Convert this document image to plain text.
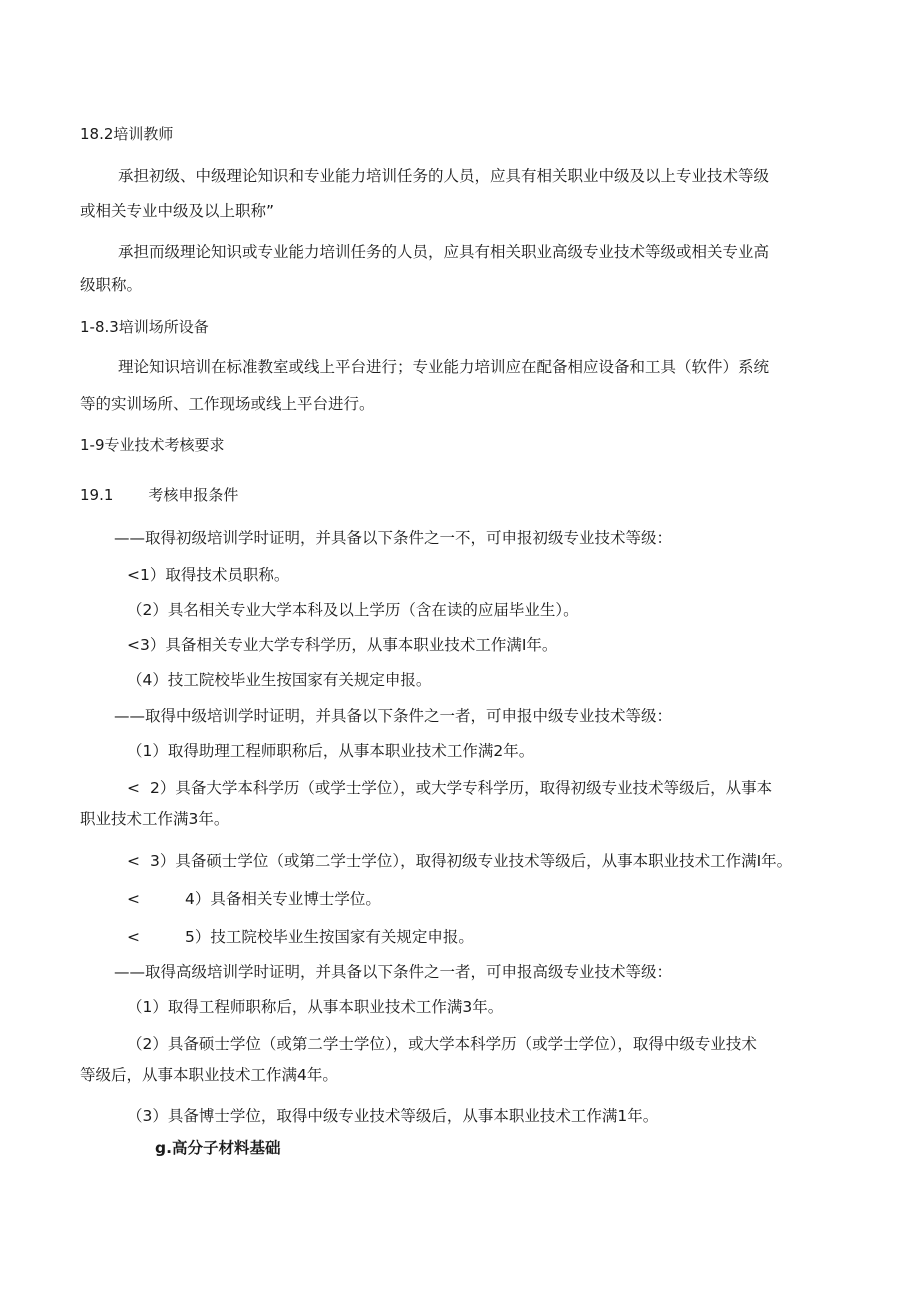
18.2培训教师
承担初级、中级理论知识和专业能力培训任务的人员，应具有相关职业中级及以上专业技术等级
或相关专业中级及以上职称”
承担而级理论知识或专业能力培训任务的人员，应具有相关职业高级专业技术等级或相关专业高
级职称。
1-8.3培训场所设备
理论知识培训在标准教室或线上平台进行；专业能力培训应在配备相应设备和工具（软件）系统
等的实训场所、工作现场或线上平台进行。
1-9专业技术考核要求
19.1 考核申报条件
——取得初级培训学时证明，并具备以下条件之一不，可申报初级专业技术等级：
<1）取得技术员职称。
（2）具名相关专业大学本科及以上学历（含在读的应届毕业生）。
<3）具备相关专业大学专科学历，从事本职业技术工作满I年。
（4）技工院校毕业生按国家有关规定申报。
——取得中级培训学时证明，并具备以下条件之一者，可申报中级专业技术等级：
（1）取得助理工程师职称后，从事本职业技术工作满2年。
< 2）具备大学本科学历（或学士学位），或大学专科学历，取得初级专业技术等级后，从事本
职业技术工作满3年。
< 3）具备硕士学位（或第二学士学位），取得初级专业技术等级后，从事本职业技术工作满I年。
<	4）具备相关专业博士学位。
<	5）技工院校毕业生按国家有关规定申报。
——取得高级培训学时证明，并具备以下条件之一者，可申报高级专业技术等级：
（1）取得工程师职称后，从事本职业技术工作满3年。
（2）具备硕士学位（或第二学士学位），或大学本科学历（或学士学位），取得中级专业技术
等级后，从事本职业技术工作满4年。
（3）具备博士学位，取得中级专业技术等级后，从事本职业技术工作满1年。
g.高分子材料基础
